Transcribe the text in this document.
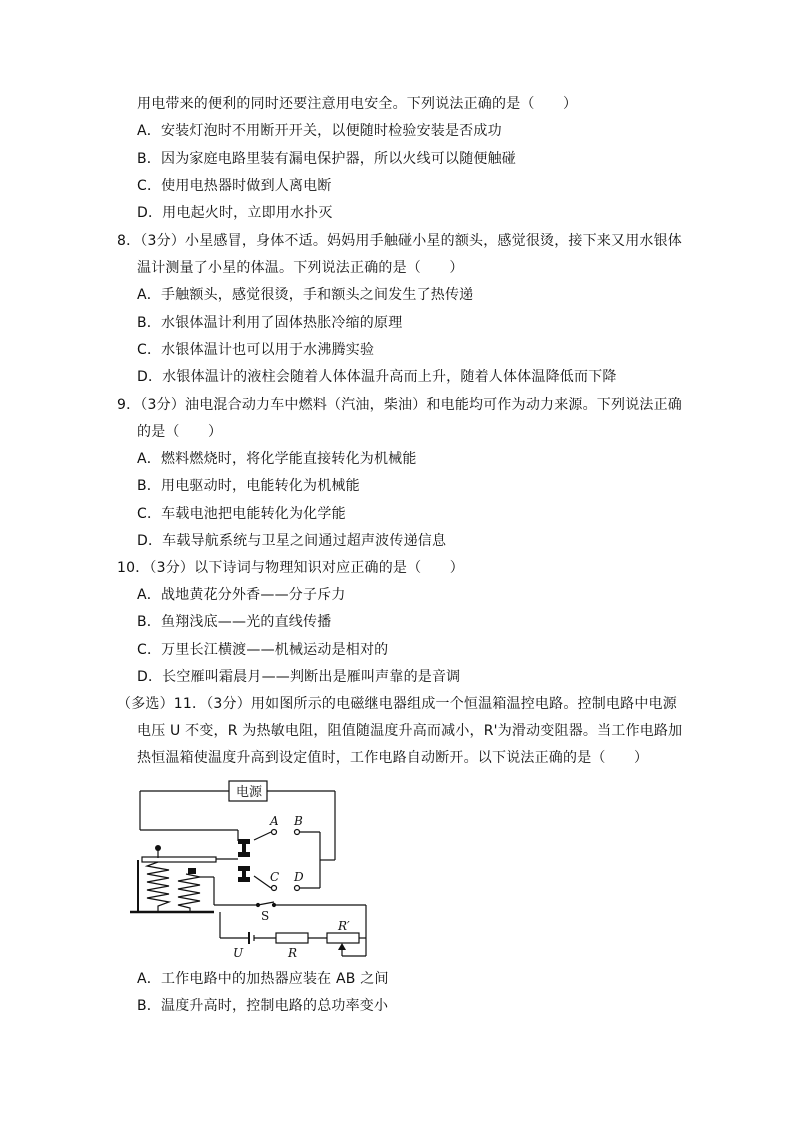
用电带来的便利的同时还要注意用电安全。下列说法正确的是（　　）
A．安装灯泡时不用断开开关，以便随时检验安装是否成功
B．因为家庭电路里装有漏电保护器，所以火线可以随便触碰
C．使用电热器时做到人离电断
D．用电起火时，立即用水扑灭
8．（3分）小星感冒，身体不适。妈妈用手触碰小星的额头，感觉很烫，接下来又用水银体
温计测量了小星的体温。下列说法正确的是（　　）
A．手触额头，感觉很烫，手和额头之间发生了热传递
B．水银体温计利用了固体热胀冷缩的原理
C．水银体温计也可以用于水沸腾实验
D．水银体温计的液柱会随着人体体温升高而上升，随着人体体温降低而下降
9．（3分）油电混合动力车中燃料（汽油，柴油）和电能均可作为动力来源。下列说法正确
的是（　　）
A．燃料燃烧时，将化学能直接转化为机械能
B．用电驱动时，电能转化为机械能
C．车载电池把电能转化为化学能
D．车载导航系统与卫星之间通过超声波传递信息
10．（3分）以下诗词与物理知识对应正确的是（　　）
A．战地黄花分外香——分子斥力
B．鱼翔浅底——光的直线传播
C．万里长江横渡——机械运动是相对的
D．长空雁叫霜晨月——判断出是雁叫声靠的是音调
（多选）11．（3分）用如图所示的电磁继电器组成一个恒温箱温控电路。控制电路中电源
电压 U 不变，R 为热敏电阻，阻值随温度升高而减小，R'为滑动变阻器。当工作电路加
热恒温箱使温度升高到设定值时，工作电路自动断开。以下说法正确的是（　　）
电源
A B
C D
S
U	R
R′
A．工作电路中的加热器应装在 AB 之间
B．温度升高时，控制电路的总功率变小
